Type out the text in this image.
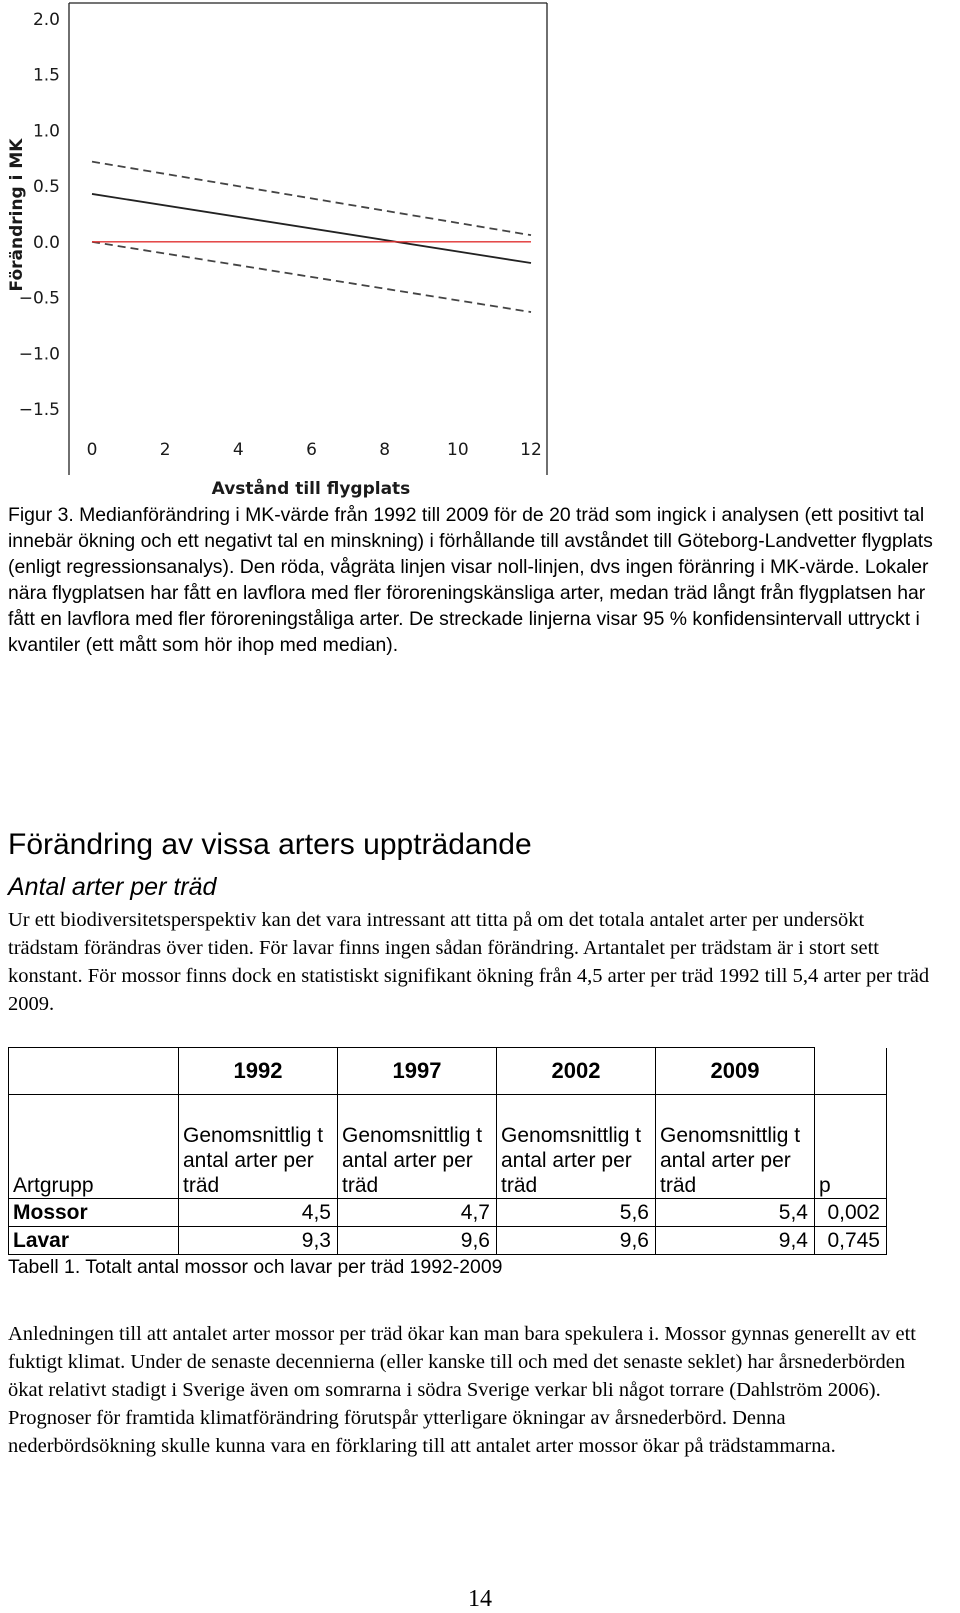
2.0
1.5
1.0
0.5
0.0
−0.5
−1.0
−1.5
0	2	4	6	8	10	12
Förändring i MK
Avstånd till flygplats
Figur 3. Medianförändring i MK-värde från 1992 till 2009 för de 20 träd som ingick i analysen (ett positivt tal innebär ökning och ett negativt tal en minskning) i förhållande till avståndet till Göteborg-Landvetter flygplats (enligt regressionsanalys). Den röda, vågräta linjen visar noll-linjen, dvs ingen föränring i MK-värde. Lokaler nära flygplatsen har fått en lavflora med fler föroreningskänsliga arter, medan träd långt från flygplatsen har fått en lavflora med fler föroreningståliga arter. De streckade linjerna visar 95 % konfidensintervall uttryckt i kvantiler (ett mått som hör ihop med median).
Förändring av vissa arters uppträdande
Antal arter per träd

Ur ett biodiversitetsperspektiv kan det vara intressant att titta på om det totala antalet arter per undersökt trädstam förändras över tiden. För lavar finns ingen sådan förändring. Artantalet per trädstam är i stort sett konstant. För mossor finns dock en statistiskt signifikant ökning från 4,5 arter per träd 1992 till 5,4 arter per träd 2009.

	1992	1997	2002	2009	
Artgrupp	Genomsnittlig t antal arter per träd	Genomsnittlig t antal arter per träd	Genomsnittlig t antal arter per träd	Genomsnittlig t antal arter per träd	p
Mossor	4,5	4,7	5,6	5,4	0,002
Lavar	9,3	9,6	9,6	9,4	0,745

Tabell 1. Totalt antal mossor och lavar per träd 1992-2009

Anledningen till att antalet arter mossor per träd ökar kan man bara spekulera i. Mossor gynnas generellt av ett fuktigt klimat. Under de senaste decennierna (eller kanske till och med det senaste seklet) har årsnederbörden ökat relativt stadigt i Sverige även om somrarna i södra Sverige verkar bli något torrare (Dahlström 2006). Prognoser för framtida klimatförändring förutspår ytterligare ökningar av årsnederbörd. Denna nederbördsökning skulle kunna vara en förklaring till att antalet arter mossor ökar på trädstammarna.

14
